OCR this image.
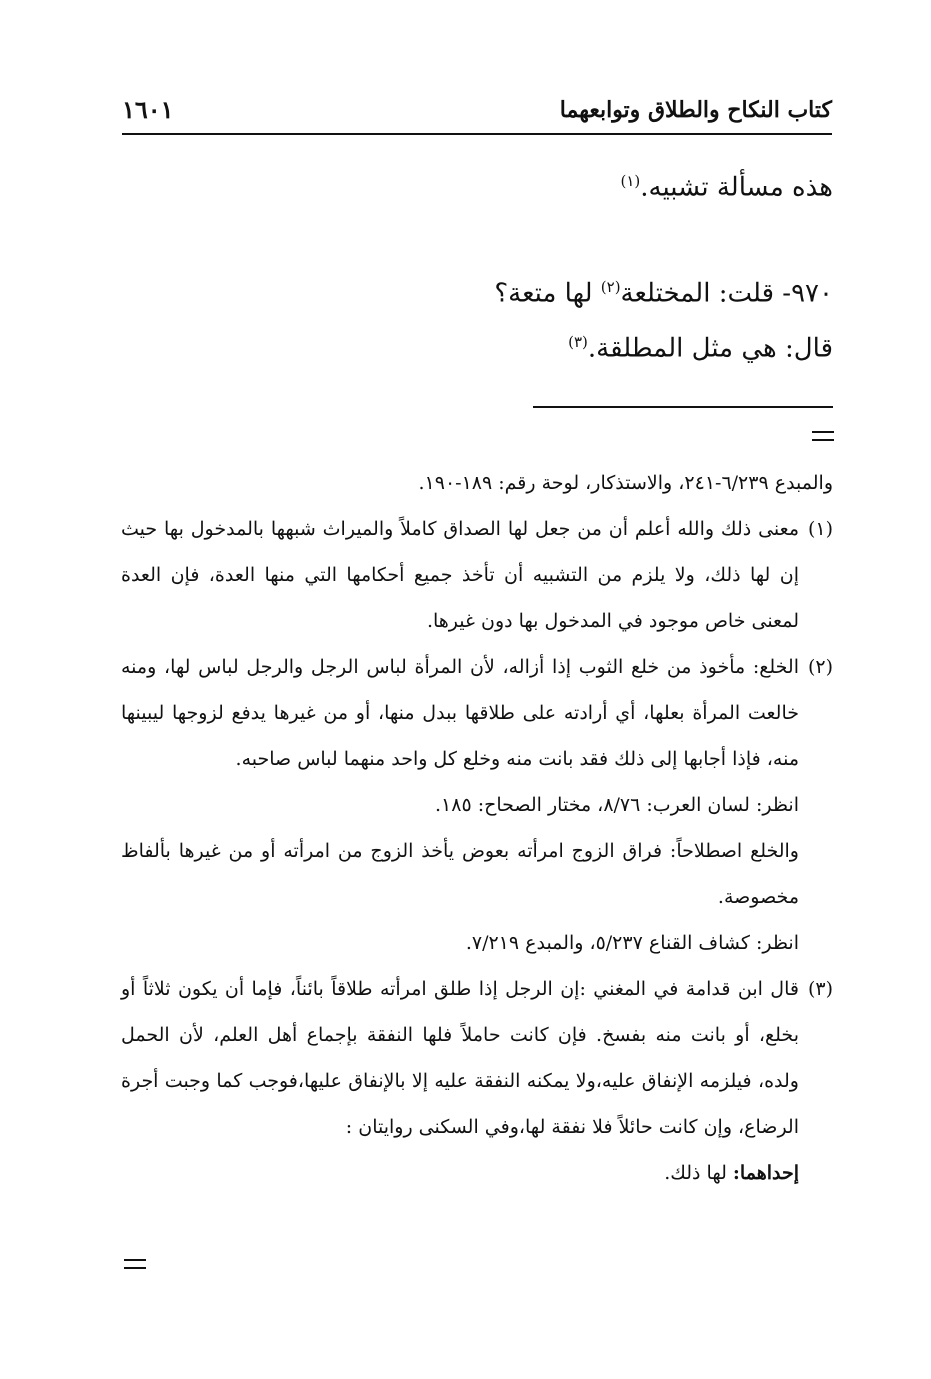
كتاب النكاح والطلاق وتوابعهما
١٦٠١
هذه مسألة تشبيه.$^{(١)}$
٩٧٠- قلت: المختلعة$^{(٢)}$ لها متعة؟
قال: هي مثل المطلقة.$^{(٣)}$

والمبدع ٦/٢٣٩-٢٤١، والاستذكار، لوحة رقم: ١٨٩-١٩٠.

(١)
معنى ذلك والله أعلم أن من جعل لها الصداق كاملاً والميراث شبهها بالمدخول بها حيث إن لها ذلك، ولا يلزم من التشبيه أن تأخذ جميع أحكامها التي منها العدة، فإن العدة لمعنى خاص موجود في المدخول بها دون غيرها.

(٢)
الخلع: مأخوذ من خلع الثوب إذا أزاله، لأن المرأة لباس الرجل والرجل لباس لها، ومنه خالعت المرأة بعلها، أي أرادته على طلاقها ببدل منها، أو من غيرها يدفع لزوجها ليبينها منه، فإذا أجابها إلى ذلك فقد بانت منه وخلع كل واحد منهما لباس صاحبه.

انظر: لسان العرب: ٨/٧٦، مختار الصحاح: ١٨٥.

والخلع اصطلاحاً: فراق الزوج امرأته بعوض يأخذ الزوج من امرأته أو من غيرها بألفاظ مخصوصة.

انظر: كشاف القناع ٥/٢٣٧، والمبدع ٧/٢١٩.

(٣)
قال ابن قدامة في المغني :إن الرجل إذا طلق امرأته طلاقاً بائناً، فإما أن يكون ثلاثاً أو بخلع، أو بانت منه بفسخ. فإن كانت حاملاً فلها النفقة بإجماع أهل العلم، لأن الحمل ولده، فيلزمه الإنفاق عليه،ولا يمكنه النفقة عليه إلا بالإنفاق عليها،فوجب كما وجبت أجرة الرضاع، وإن كانت حائلاً فلا نفقة لها،وفي السكنى روايتان :

إحداهما: لها ذلك.
